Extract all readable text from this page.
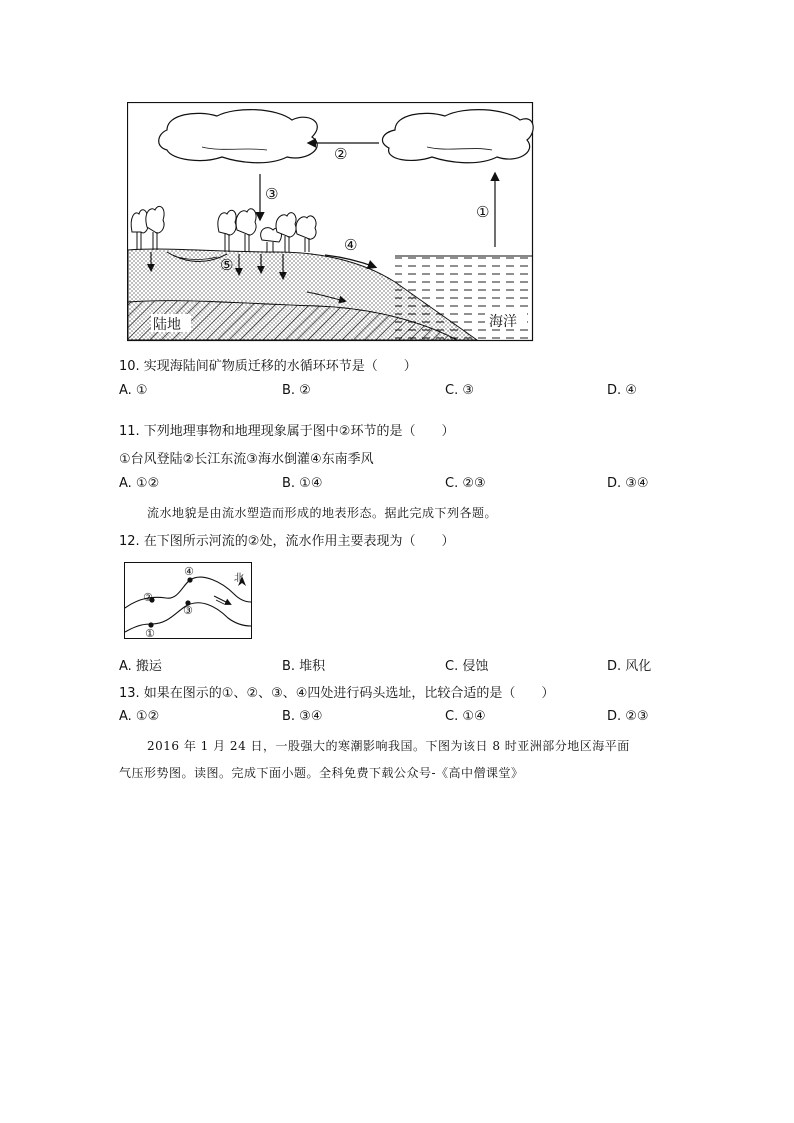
②
③
①
④
⑤
陆地	海洋
10. 实现海陆间矿物质迁移的水循环环节是（　　）
A. ①	B. ②	C. ③	D. ④
11. 下列地理事物和地理现象属于图中②环节的是（　　）
①台风登陆②长江东流③海水倒灌④东南季风
A. ①②	B. ①④	C. ②③	D. ③④
流水地貌是由流水塑造而形成的地表形态。据此完成下列各题。
12. 在下图所示河流的②处，流水作用主要表现为（　　）
④
②
③
①
北
A. 搬运	B. 堆积	C. 侵蚀	D. 风化
13. 如果在图示的①、②、③、④四处进行码头选址，比较合适的是（　　）
A. ①②	B. ③④	C. ①④	D. ②③
2016 年 1 月 24 日，一股强大的寒潮影响我国。下图为该日 8 时亚洲部分地区海平面
气压形势图。读图。完成下面小题。全科免费下载公众号-《高中僧课堂》
